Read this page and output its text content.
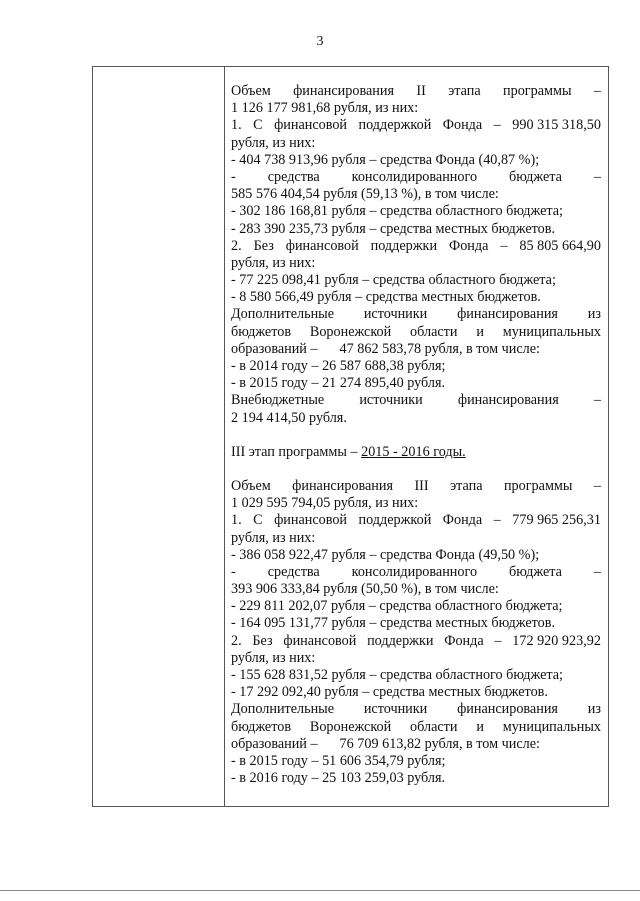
3
Объем финансирования II этапа программы –
1 126 177 981,68 рубля, из них:
1. С финансовой поддержкой Фонда – 990 315 318,50
рубля, из них:
- 404 738 913,96 рубля – средства Фонда (40,87 %);
- средства консолидированного бюджета –
585 576 404,54 рубля (59,13 %), в том числе:
- 302 186 168,81 рубля – средства областного бюджета;
- 283 390 235,73 рубля – средства местных бюджетов.
2. Без финансовой поддержки Фонда – 85 805 664,90
рубля, из них:
- 77 225 098,41 рубля – средства областного бюджета;
- 8 580 566,49 рубля – средства местных бюджетов.
Дополнительные источники финансирования из
бюджетов Воронежской области и муниципальных
образований – 47 862 583,78 рубля, в том числе:
- в 2014 году – 26 587 688,38 рубля;
- в 2015 году – 21 274 895,40 рубля.
Внебюджетные источники финансирования –
2 194 414,50 рубля.
III этап программы – 2015 - 2016 годы.
Объем финансирования III этапа программы –
1 029 595 794,05 рубля, из них:
1. С финансовой поддержкой Фонда – 779 965 256,31
рубля, из них:
- 386 058 922,47 рубля – средства Фонда (49,50 %);
- средства консолидированного бюджета –
393 906 333,84 рубля (50,50 %), в том числе:
- 229 811 202,07 рубля – средства областного бюджета;
- 164 095 131,77 рубля – средства местных бюджетов.
2. Без финансовой поддержки Фонда – 172 920 923,92
рубля, из них:
- 155 628 831,52 рубля – средства областного бюджета;
- 17 292 092,40 рубля – средства местных бюджетов.
Дополнительные источники финансирования из
бюджетов Воронежской области и муниципальных
образований – 76 709 613,82 рубля, в том числе:
- в 2015 году – 51 606 354,79 рубля;
- в 2016 году – 25 103 259,03 рубля.
